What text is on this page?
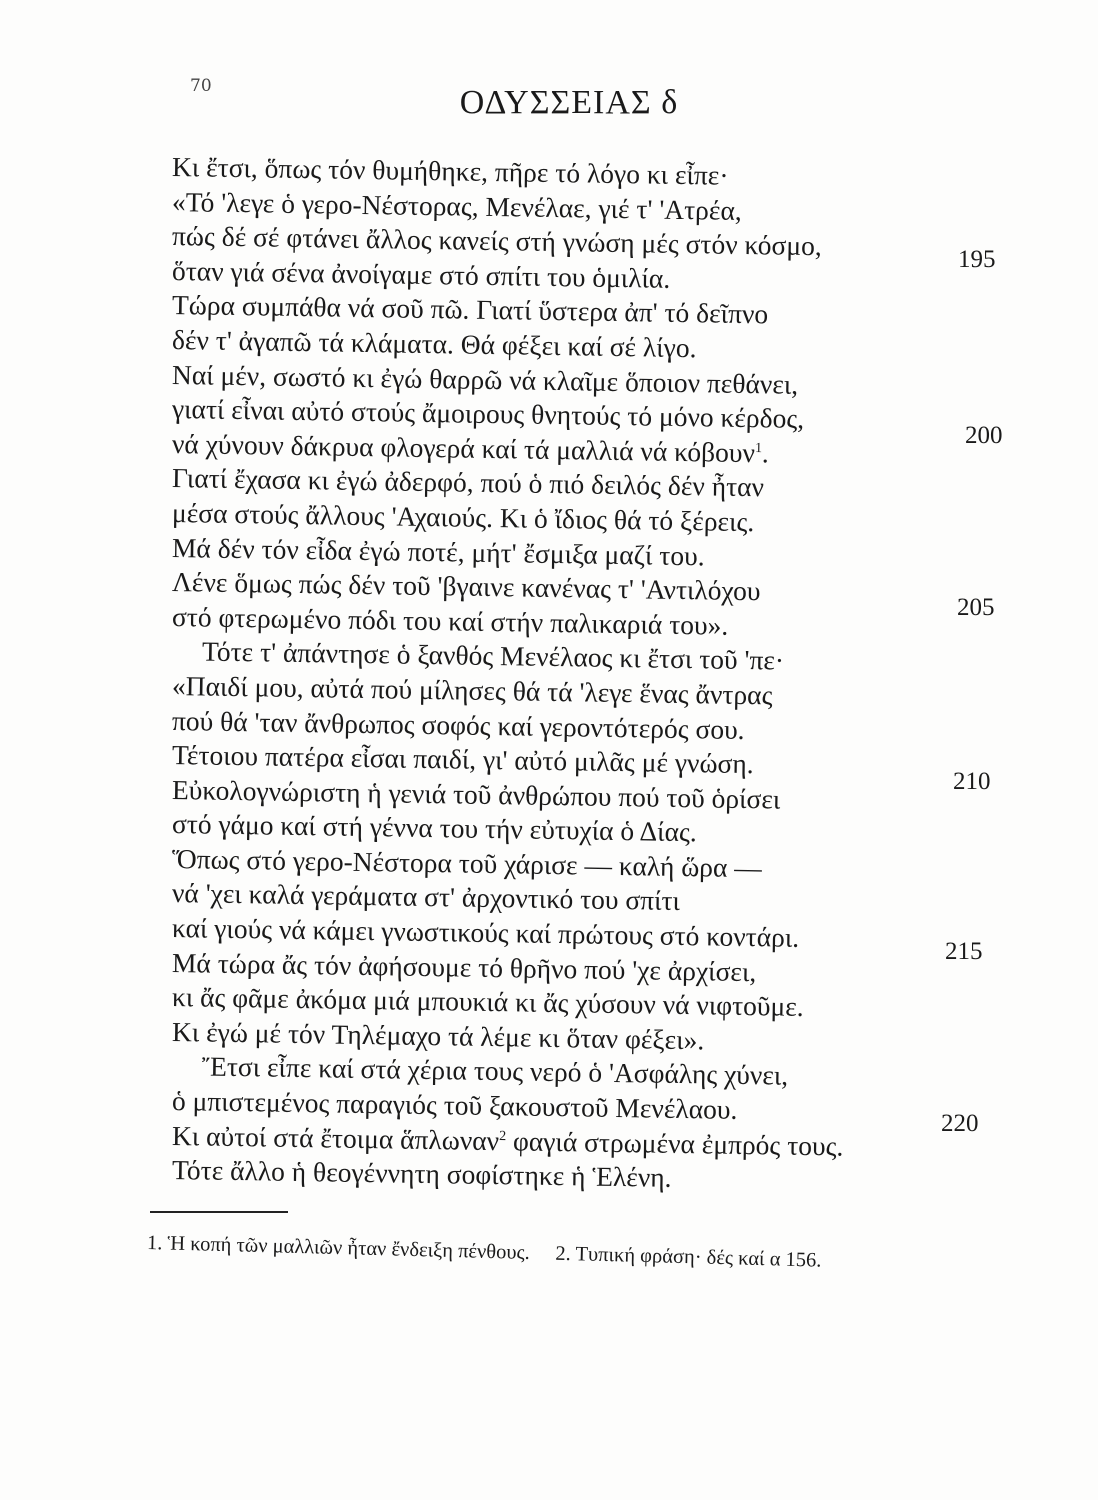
70	ΟΔΥΣΣΕΙΑΣ δ
Κι ἔτσι, ὅπως τόν θυμήθηκε, πῆρε τό λόγο κι εἶπε·
«Τό 'λεγε ὁ γερο-Νέστορας, Μενέλαε, γιέ τ' 'Ατρέα,
πώς δέ σέ φτάνει ἄλλος κανείς στή γνώση μές στόν κόσμο,
ὅταν γιά σένα ἀνοίγαμε στό σπίτι του ὁμιλία.
Τώρα συμπάθα νά σοῦ πῶ. Γιατί ὕστερα ἀπ' τό δεῖπνο
δέν τ' ἀγαπῶ τά κλάματα. Θά φέξει καί σέ λίγο.
Ναί μέν, σωστό κι ἐγώ θαρρῶ νά κλαῖμε ὅποιον πεθάνει,
γιατί εἶναι αὐτό στούς ἄμοιρους θνητούς τό μόνο κέρδος,
νά χύνουν δάκρυα φλογερά καί τά μαλλιά νά κόβουν$^1$.
Γιατί ἔχασα κι ἐγώ ἀδερφό, πού ὁ πιό δειλός δέν ἦταν
μέσα στούς ἄλλους 'Αχαιούς. Κι ὁ ἴδιος θά τό ξέρεις.
Μά δέν τόν εἶδα ἐγώ ποτέ, μήτ' ἔσμιξα μαζί του.
Λένε ὅμως πώς δέν τοῦ 'βγαινε κανένας τ' 'Αντιλόχου
στό φτερωμένο πόδι του καί στήν παλικαριά του».
Τότε τ' ἀπάντησε ὁ ξανθός Μενέλαος κι ἔτσι τοῦ 'πε·
«Παιδί μου, αὐτά πού μίλησες θά τά 'λεγε ἕνας ἄντρας
πού θά 'ταν ἄνθρωπος σοφός καί γεροντότερός σου.
Τέτοιου πατέρα εἶσαι παιδί, γι' αὐτό μιλᾶς μέ γνώση.
Εὐκολογνώριστη ἡ γενιά τοῦ ἀνθρώπου πού τοῦ ὁρίσει
στό γάμο καί στή γέννα του τήν εὐτυχία ὁ Δίας.
Ὅπως στό γερο-Νέστορα τοῦ χάρισε — καλή ὥρα —
νά 'χει καλά γεράματα στ' ἀρχοντικό του σπίτι
καί γιούς νά κάμει γνωστικούς καί πρώτους στό κοντάρι.
Μά τώρα ἄς τόν ἀφήσουμε τό θρῆνο πού 'χε ἀρχίσει,
κι ἄς φᾶμε ἀκόμα μιά μπουκιά κι ἄς χύσουν νά νιφτοῦμε.
Κι ἐγώ μέ τόν Τηλέμαχο τά λέμε κι ὅταν φέξει».
Ἔτσι εἶπε καί στά χέρια τους νερό ὁ 'Ασφάλης χύνει,
ὁ μπιστεμένος παραγιός τοῦ ξακουστοῦ Μενέλαου.
Κι αὐτοί στά ἔτοιμα ἅπλωναν$^2$ φαγιά στρωμένα ἐμπρός τους.
Τότε ἄλλο ἡ θεογέννητη σοφίστηκε ἡ Ἑλένη.
195
200
205
210
215
220
1. Ἡ κοπή τῶν μαλλιῶν ἦταν ἔνδειξη πένθους. 2. Τυπική φράση· δές καί α 156.
